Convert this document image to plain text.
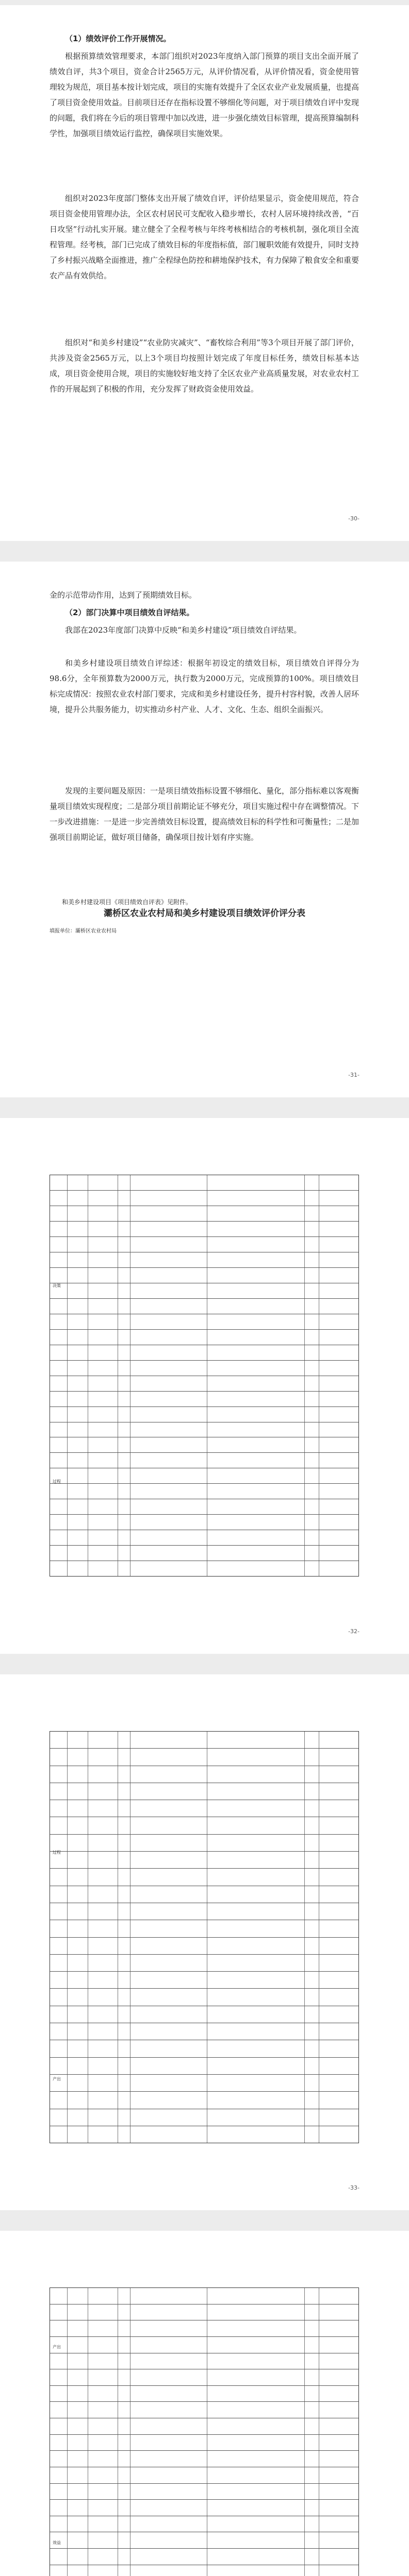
（1）绩效评价工作开展情况。

根据预算绩效管理要求，本部门组织对2023年度纳入部门预算的项目支出全面开展了绩效自评，共3个项目，资金合计2565万元，从评价情况看，从评价情况看，资金使用管理较为规范，项目基本按计划完成，项目的实施有效提升了全区农业产业发展质量，也提高了项目资金使用效益。目前项目还存在指标设置不够细化等问题，对于项目绩效自评中发现的问题，我们将在今后的项目管理中加以改进，进一步强化绩效目标管理，提高预算编制科学性，加强项目绩效运行监控，确保项目实施效果。

组织对2023年度部门整体支出开展了绩效自评，评价结果显示，资金使用规范，符合项目资金使用管理办法，全区农村居民可支配收入稳步增长，农村人居环境持续改善，“百日攻坚”行动扎实开展。建立健全了全程考核与年终考核相结合的考核机制，强化项目全流程管理。经考核，部门已完成了绩效目标的年度指标值，部门履职效能有效提升，同时支持了乡村振兴战略全面推进，推广全程绿色防控和耕地保护技术，有力保障了粮食安全和重要农产品有效供给。

组织对“和美乡村建设”“农业防灾减灾”、“畜牧综合利用”等3个项目开展了部门评价，共涉及资金2565万元，以上3个项目均按照计划完成了年度目标任务，绩效目标基本达成，项目资金使用合规，项目的实施较好地支持了全区农业产业高质量发展，对农业农村工作的开展起到了积极的作用，充分发挥了财政资金使用效益。

-30-

金的示范带动作用，达到了预期绩效目标。

（2）部门决算中项目绩效自评结果。

我部在2023年度部门决算中反映“和美乡村建设”项目绩效自评结果。

和美乡村建设项目绩效自评综述：根据年初设定的绩效目标，项目绩效自评得分为98.6分，全年预算数为2000万元，执行数为2000万元，完成预算的100%。项目绩效目标完成情况：按照农业农村部门要求，完成和美乡村建设任务，提升村容村貌，改善人居环境，提升公共服务能力，切实推动乡村产业、人才、文化、生态、组织全面振兴。

发现的主要问题及原因：一是项目绩效指标设置不够细化、量化，部分指标难以客观衡量项目绩效实现程度；二是部分项目前期论证不够充分，项目实施过程中存在调整情况。下一步改进措施：一是进一步完善绩效目标设置，提高绩效目标的科学性和可衡量性；二是加强项目前期论证，做好项目储备，确保项目按计划有序实施。

和美乡村建设项目《项目绩效自评表》见附件。

灞桥区农业农村局和美乡村建设项目绩效评价评分表
填报单位：灞桥区农业农村局
-31-
决策
过程
-32-
过程
产出
-33-
产出
效益
